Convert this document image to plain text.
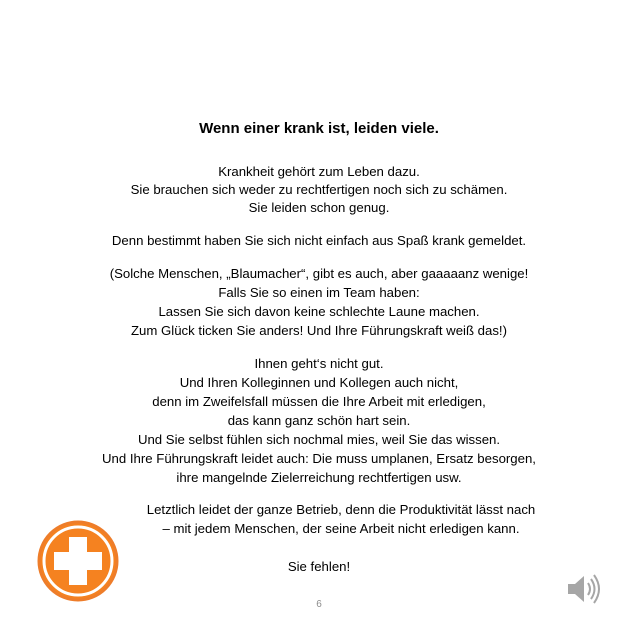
Wenn einer krank ist, leiden viele.
Krankheit gehört zum Leben dazu.
Sie brauchen sich weder zu rechtfertigen noch sich zu schämen.
Sie leiden schon genug.
Denn bestimmt haben Sie sich nicht einfach aus Spaß krank gemeldet.
(Solche Menschen, „Blaumacher“, gibt es auch, aber gaaaaanz wenige!
Falls Sie so einen im Team haben:
Lassen Sie sich davon keine schlechte Laune machen.
Zum Glück ticken Sie anders! Und Ihre Führungskraft weiß das!)
Ihnen geht‘s nicht gut.
Und Ihren Kolleginnen und Kollegen auch nicht,
denn im Zweifelsfall müssen die Ihre Arbeit mit erledigen,
das kann ganz schön hart sein.
Und Sie selbst fühlen sich nochmal mies, weil Sie das wissen.
Und Ihre Führungskraft leidet auch: Die muss umplanen, Ersatz besorgen,
ihre mangelnde Zielerreichung rechtfertigen usw.
Letztlich leidet der ganze Betrieb, denn die Produktivität lässt nach
– mit jedem Menschen, der seine Arbeit nicht erledigen kann.
Sie fehlen!
6
